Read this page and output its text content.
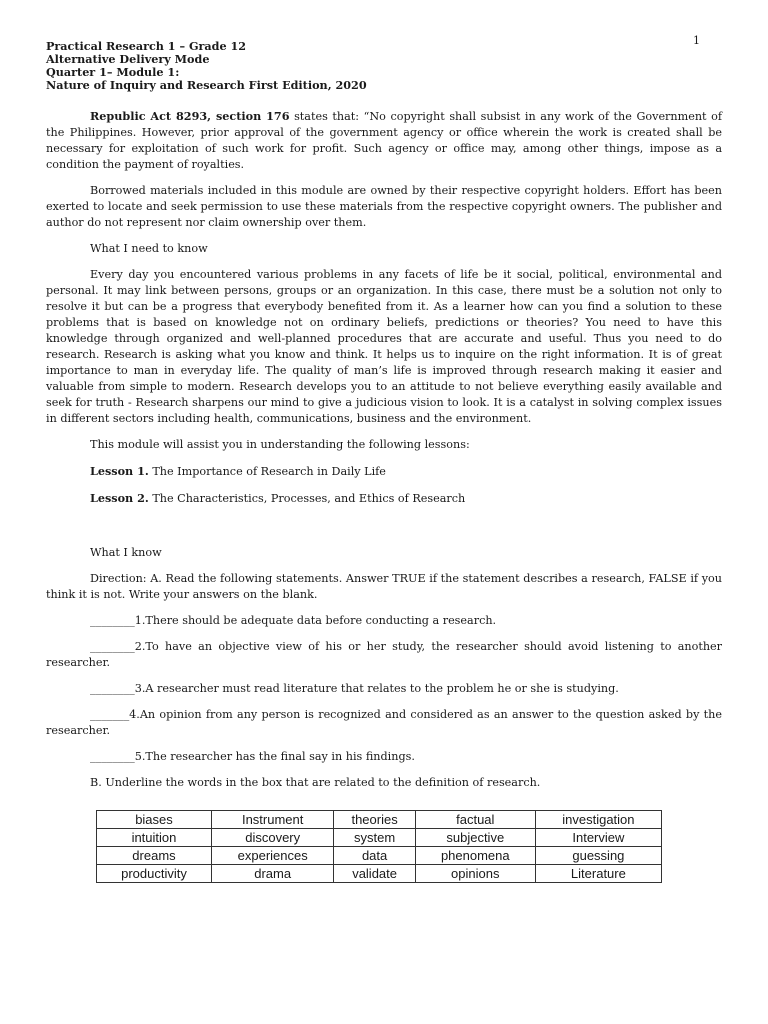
1
Practical Research 1 – Grade 12
Alternative Delivery Mode
Quarter 1– Module 1:
Nature of Inquiry and Research First Edition, 2020

Republic Act 8293, section 176 states that: “No copyright shall subsist in any work of the Government of the Philippines. However, prior approval of the government agency or office wherein the work is created shall be necessary for exploitation of such work for profit. Such agency or office may, among other things, impose as a condition the payment of royalties.

Borrowed materials included in this module are owned by their respective copyright holders. Effort has been exerted to locate and seek permission to use these materials from the respective copyright owners. The publisher and author do not represent nor claim ownership over them.

What I need to know

Every day you encountered various problems in any facets of life be it social, political, environmental and personal. It may link between persons, groups or an organization. In this case, there must be a solution not only to resolve it but can be a progress that everybody benefited from it. As a learner how can you find a solution to these problems that is based on knowledge not on ordinary beliefs, predictions or theories? You need to have this knowledge through organized and well-planned procedures that are accurate and useful. Thus you need to do research. Research is asking what you know and think. It helps us to inquire on the right information. It is of great importance to man in everyday life. The quality of man’s life is improved through research making it easier and valuable from simple to modern. Research develops you to an attitude to not believe everything easily available and seek for truth - Research sharpens our mind to give a judicious vision to look. It is a catalyst in solving complex issues in different sectors including health, communications, business and the environment.

This module will assist you in understanding the following lessons:

Lesson 1. The Importance of Research in Daily Life

Lesson 2. The Characteristics, Processes, and Ethics of Research

What I know

Direction: A. Read the following statements. Answer TRUE if the statement describes a research, FALSE if you think it is not. Write your answers on the blank.

________1.There should be adequate data before conducting a research.

________2.To have an objective view of his or her study, the researcher should avoid listening to another researcher.

________3.A researcher must read literature that relates to the problem he or she is studying.

_______4.An opinion from any person is recognized and considered as an answer to the question asked by the researcher.

________5.The researcher has the final say in his findings.

B. Underline the words in the box that are related to the definition of research.

biases	Instrument	theories	factual	investigation
intuition	discovery	system	subjective	Interview
dreams	experiences	data	phenomena	guessing
productivity	drama	validate	opinions	Literature
